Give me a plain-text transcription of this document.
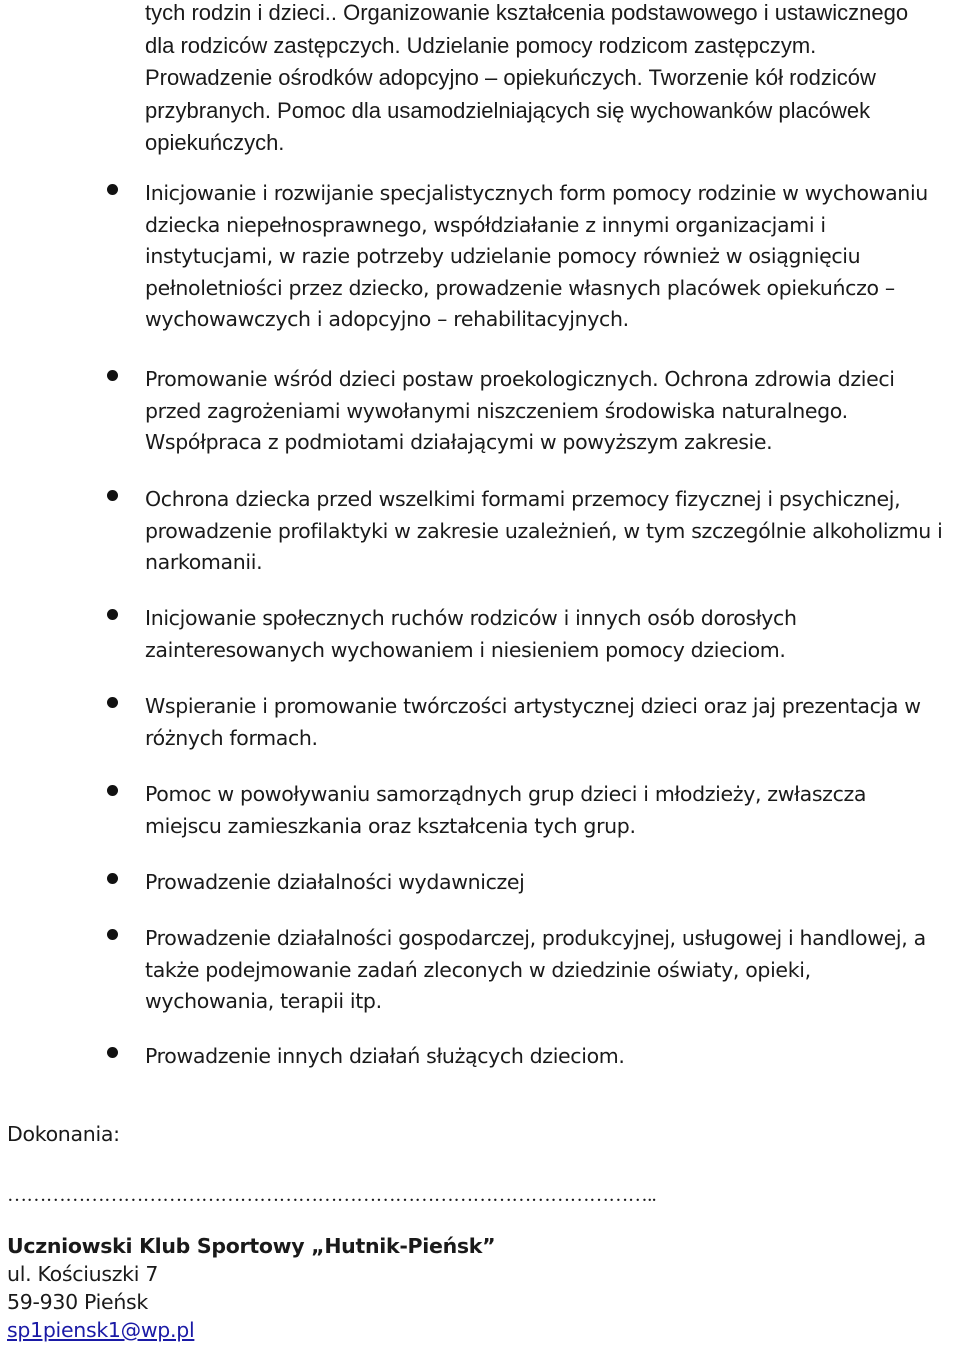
tych rodzin i dzieci.. Organizowanie kształcenia podstawowego i ustawicznego
dla rodziców zastępczych. Udzielanie pomocy rodzicom zastępczym.
Prowadzenie ośrodków adopcyjno – opiekuńczych. Tworzenie kół rodziców
przybranych. Pomoc dla usamodzielniających się wychowanków placówek
opiekuńczych.

Inicjowanie i rozwijanie specjalistycznych form pomocy rodzinie w wychowaniu
dziecka niepełnosprawnego, współdziałanie z innymi organizacjami i
instytucjami, w razie potrzeby udzielanie pomocy również w osiągnięciu
pełnoletniości przez dziecko, prowadzenie własnych placówek opiekuńczo –
wychowawczych i adopcyjno – rehabilitacyjnych.

Promowanie wśród dzieci postaw proekologicznych. Ochrona zdrowia dzieci
przed zagrożeniami wywołanymi niszczeniem środowiska naturalnego.
Współpraca z podmiotami działającymi w powyższym zakresie.

Ochrona dziecka przed wszelkimi formami przemocy fizycznej i psychicznej,
prowadzenie profilaktyki w zakresie uzależnień, w tym szczególnie alkoholizmu i
narkomanii.

Inicjowanie społecznych ruchów rodziców i innych osób dorosłych
zainteresowanych wychowaniem i niesieniem pomocy dzieciom.

Wspieranie i promowanie twórczości artystycznej dzieci oraz jaj prezentacja w
różnych formach.

Pomoc w powoływaniu samorządnych grup dzieci i młodzieży, zwłaszcza
miejscu zamieszkania oraz kształcenia tych grup.

Prowadzenie działalności wydawniczej

Prowadzenie działalności gospodarczej, produkcyjnej, usługowej i handlowej, a
także podejmowanie zadań zleconych w dziedzinie oświaty, opieki,
wychowania, terapii itp.

Prowadzenie innych działań służących dzieciom.

Dokonania:

………………………………………………………………………………………..

Uczniowski Klub Sportowy „Hutnik-Pieńsk”

ul. Kościuszki 7

59-930 Pieńsk

sp1piensk1@wp.pl
